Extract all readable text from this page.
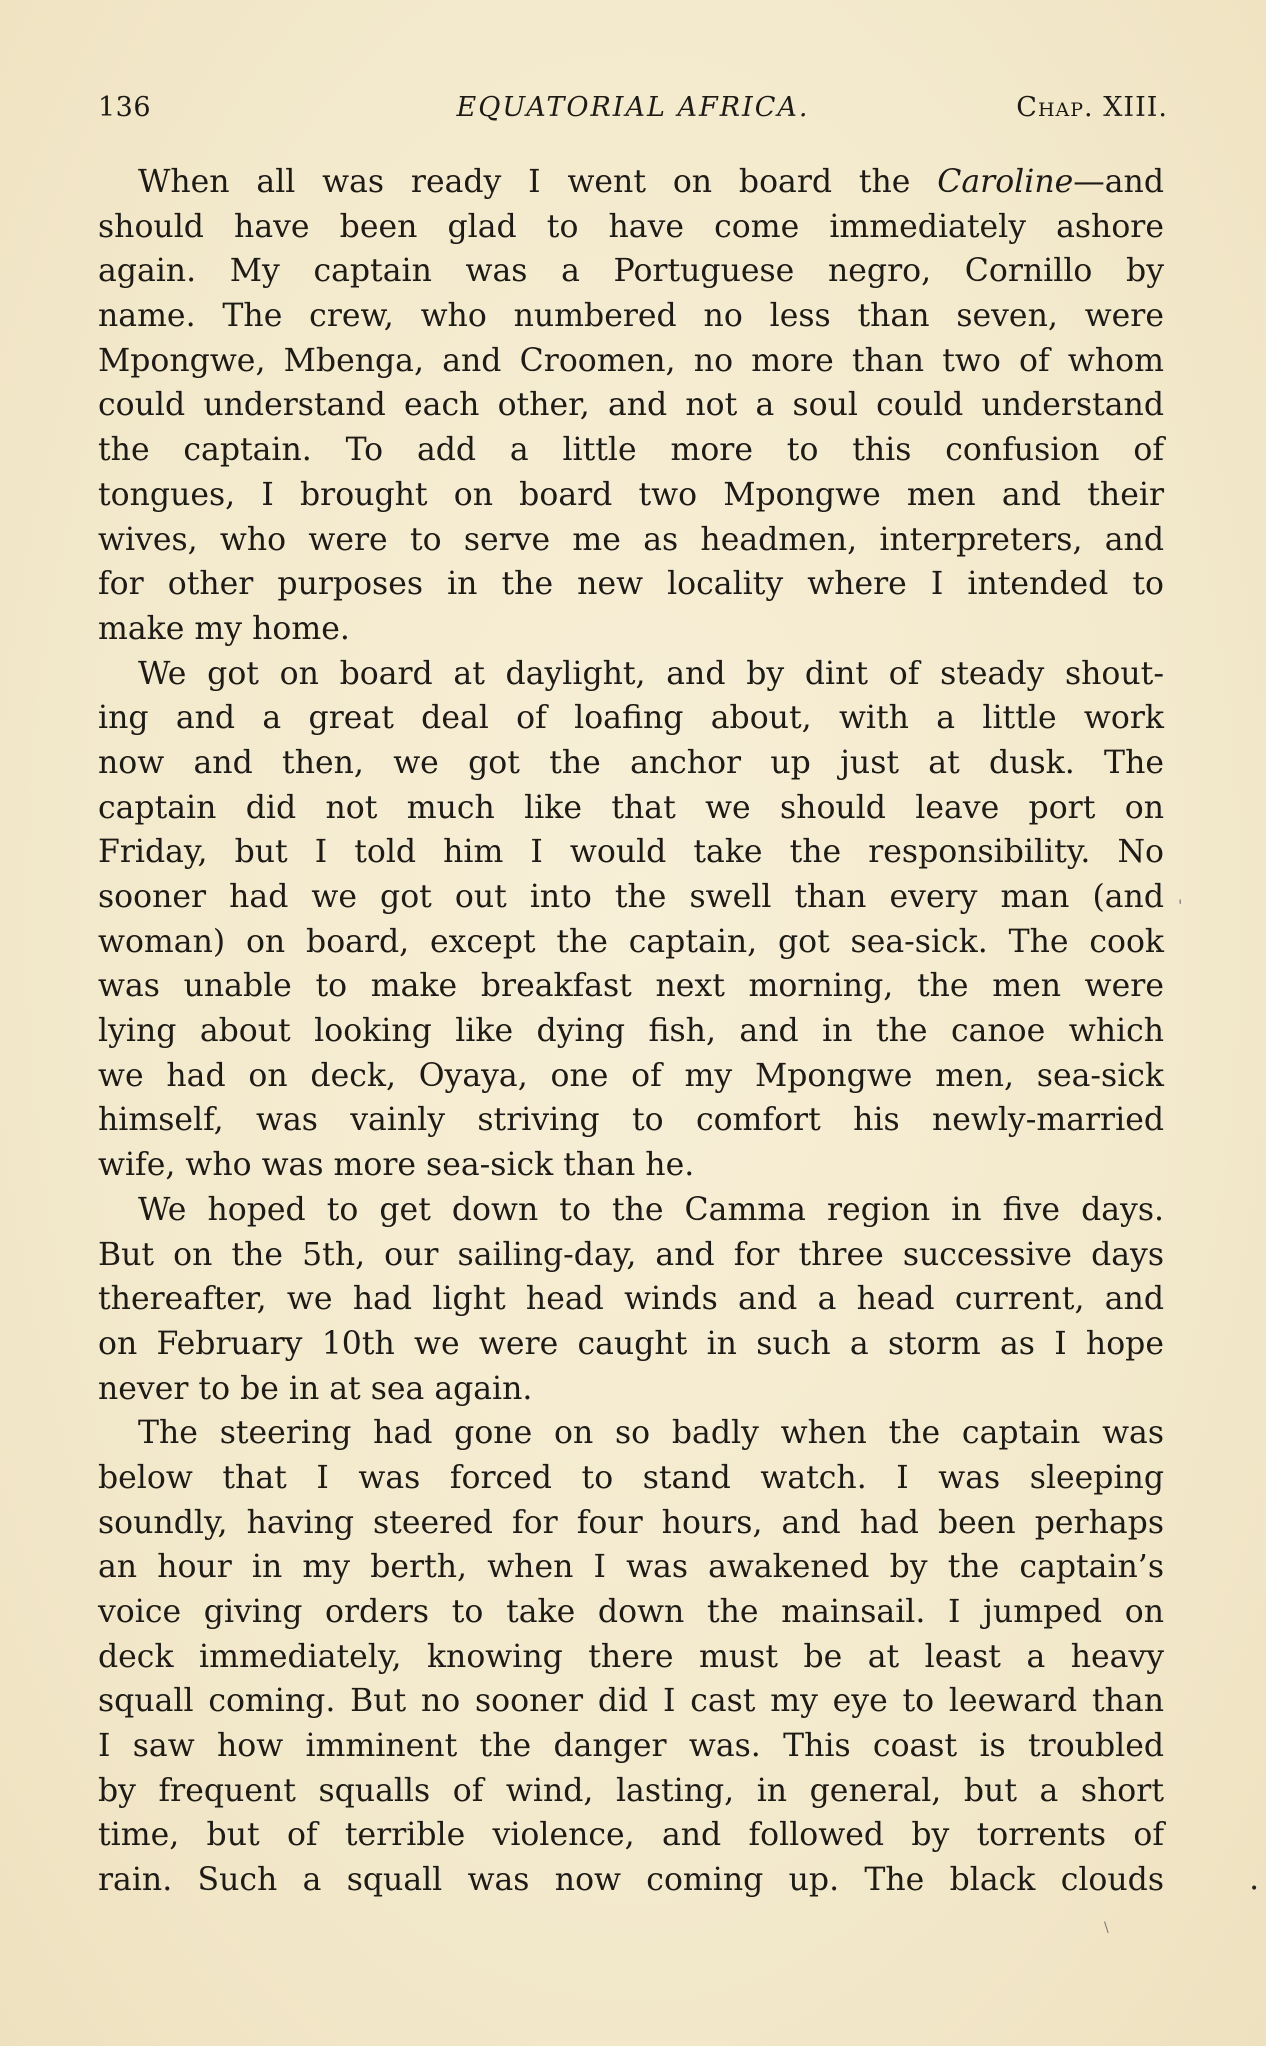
136	EQUATORIAL AFRICA.	Chap. XIII.
When all was ready I went on board the Caroline—and
should have been glad to have come immediately ashore
again. My captain was a Portuguese negro, Cornillo by
name. The crew, who numbered no less than seven, were
Mpongwe, Mbenga, and Croomen, no more than two of whom
could understand each other, and not a soul could understand
the captain. To add a little more to this confusion of
tongues, I brought on board two Mpongwe men and their
wives, who were to serve me as headmen, interpreters, and
for other purposes in the new locality where I intended to
make my home.
We got on board at daylight, and by dint of steady shout-
ing and a great deal of loafing about, with a little work
now and then, we got the anchor up just at dusk. The
captain did not much like that we should leave port on
Friday, but I told him I would take the responsibility. No
sooner had we got out into the swell than every man (and
woman) on board, except the captain, got sea-sick. The cook
was unable to make breakfast next morning, the men were
lying about looking like dying fish, and in the canoe which
we had on deck, Oyaya, one of my Mpongwe men, sea-sick
himself, was vainly striving to comfort his newly-married
wife, who was more sea-sick than he.
We hoped to get down to the Camma region in five days.
But on the 5th, our sailing-day, and for three successive days
thereafter, we had light head winds and a head current, and
on February 10th we were caught in such a storm as I hope
never to be in at sea again.
The steering had gone on so badly when the captain was
below that I was forced to stand watch. I was sleeping
soundly, having steered for four hours, and had been perhaps
an hour in my berth, when I was awakened by the captain’s
voice giving orders to take down the mainsail. I jumped on
deck immediately, knowing there must be at least a heavy
squall coming. But no sooner did I cast my eye to leeward than
I saw how imminent the danger was. This coast is troubled
by frequent squalls of wind, lasting, in general, but a short
time, but of terrible violence, and followed by torrents of
rain. Such a squall was now coming up. The black clouds
'
•
\
